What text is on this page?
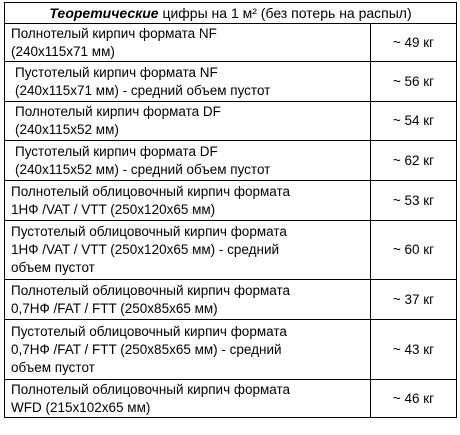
Теоретические цифры на 1 м² (без потерь на распыл)	

Полнотелый кирпич формата NF
(240х115х71 мм)	~ 49 кг

Пустотелый кирпич формата NF
(240х115х71 мм) - средний объем пустот	~ 56 кг

Полнотелый кирпич формата DF
(240х115х52 мм)	~ 54 кг

Пустотелый кирпич формата DF
(240х115х52 мм) - средний объем пустот	~ 62 кг

Полнотелый облицовочный кирпич формата
1НФ /VAT / VTT (250х120х65 мм)	~ 53 кг

Пустотелый облицовочный кирпич формата
1НФ /VAT / VTT (250х120х65 мм) - средний
объем пустот	~ 60 кг

Полнотелый облицовочный кирпич формата
0,7НФ /FAT / FTT (250х85х65 мм)	~ 37 кг

Пустотелый облицовочный кирпич формата
0,7НФ /FAT / FTT (250х85х65 мм) - средний
объем пустот	~ 43 кг

Полнотелый облицовочный кирпич формата
WFD (215х102х65 мм)	~ 46 кг
